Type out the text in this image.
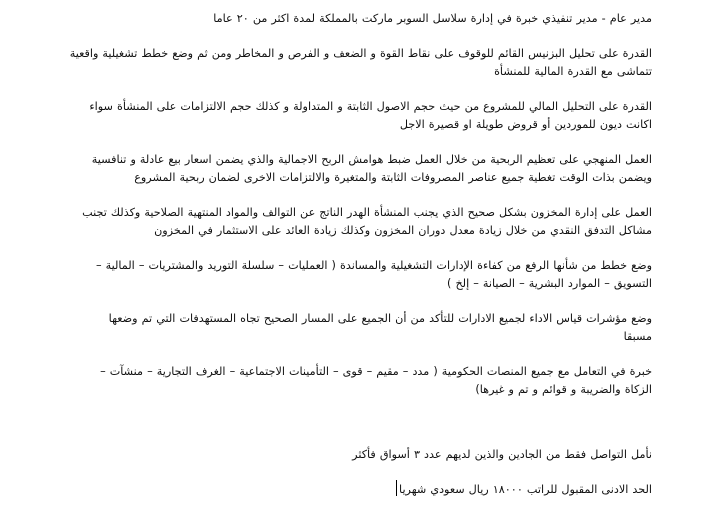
مدير عام - مدير تنفيذي خبرة في إدارة سلاسل السوبر ماركت بالمملكة لمدة اكثر من ٢٠ عاما
القدرة على تحليل البزنيس القائم للوقوف على نقاط القوة و الضعف و الفرص و المخاطر ومن ثم وضع خطط تشغيلية واقعية
تتماشى مع القدرة المالية للمنشأة
القدرة على التحليل المالي للمشروع من حيث حجم الاصول الثابتة و المتداولة و كذلك حجم الالتزامات على المنشأة سواء
اكانت ديون للموردين أو قروض طويلة او قصيرة الاجل
العمل المنهجي على تعظيم الربحية من خلال العمل ضبط هوامش الربح الاجمالية والذي يضمن اسعار بيع عادلة و تنافسية
ويضمن بذات الوقت تغطية جميع عناصر المصروفات الثابتة والمتغيرة والالتزامات الاخرى لضمان ربحية المشروع
العمل على إدارة المخزون بشكل صحيح الذي يجنب المنشأة الهدر الناتج عن التوالف والمواد المنتهية الصلاحية وكذلك تجنب
مشاكل التدفق النقدي من خلال زيادة معدل دوران المخزون وكذلك زيادة العائد على الاستثمار في المخزون
وضع خطط من شأنها الرفع من كفاءة الإدارات التشغيلية والمساندة ( العمليات – سلسلة التوريد والمشتريات – المالية –
التسويق – الموارد البشرية – الصيانة – إلخ )
وضع مؤشرات قياس الاداء لجميع الادارات للتأكد من أن الجميع على المسار الصحيح تجاه المستهدفات التي تم وضعها
مسبقا
خبرة في التعامل مع جميع المنصات الحكومية ( مدد – مقيم – قوى – التأمينات الاجتماعية – الغرف التجارية – منشآت –
الزكاة والضريبة و قوائم و تم و غيرها)
نأمل التواصل فقط من الجادين والذين لديهم عدد ٣ أسواق فأكثر
الحد الادنى المقبول للراتب ١٨٠٠٠ ريال سعودي شهريا
